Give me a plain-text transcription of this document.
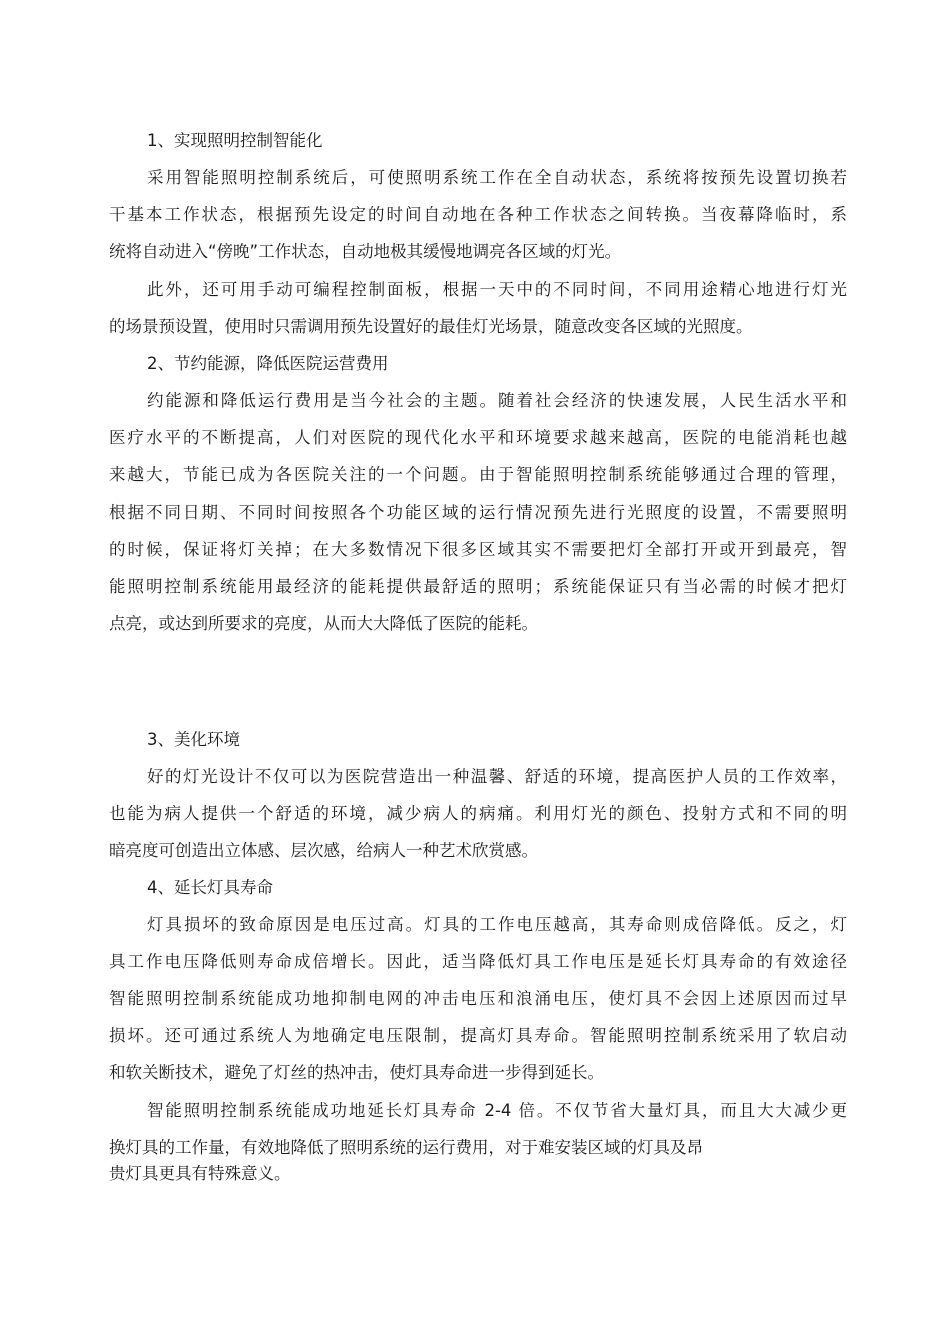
1、实现照明控制智能化
采用智能照明控制系统后，可使照明系统工作在全自动状态，系统将按预先设置切换若
干基本工作状态，根据预先设定的时间自动地在各种工作状态之间转换。当夜幕降临时，系
统将自动进入“傍晚”工作状态，自动地极其缓慢地调亮各区域的灯光。
此外，还可用手动可编程控制面板，根据一天中的不同时间，不同用途精心地进行灯光
的场景预设置，使用时只需调用预先设置好的最佳灯光场景，随意改变各区域的光照度。
2、节约能源，降低医院运营费用
约能源和降低运行费用是当今社会的主题。随着社会经济的快速发展，人民生活水平和
医疗水平的不断提高，人们对医院的现代化水平和环境要求越来越高，医院的电能消耗也越
来越大，节能已成为各医院关注的一个问题。由于智能照明控制系统能够通过合理的管理，
根据不同日期、不同时间按照各个功能区域的运行情况预先进行光照度的设置，不需要照明
的时候，保证将灯关掉；在大多数情况下很多区域其实不需要把灯全部打开或开到最亮，智
能照明控制系统能用最经济的能耗提供最舒适的照明；系统能保证只有当必需的时候才把灯
点亮，或达到所要求的亮度，从而大大降低了医院的能耗。
3、美化环境
好的灯光设计不仅可以为医院营造出一种温馨、舒适的环境，提高医护人员的工作效率，
也能为病人提供一个舒适的环境，减少病人的病痛。利用灯光的颜色、投射方式和不同的明
暗亮度可创造出立体感、层次感，给病人一种艺术欣赏感。
4、延长灯具寿命
灯具损坏的致命原因是电压过高。灯具的工作电压越高，其寿命则成倍降低。反之，灯
具工作电压降低则寿命成倍增长。因此，适当降低灯具工作电压是延长灯具寿命的有效途径
智能照明控制系统能成功地抑制电网的冲击电压和浪涌电压，使灯具不会因上述原因而过早
损坏。还可通过系统人为地确定电压限制，提高灯具寿命。智能照明控制系统采用了软启动
和软关断技术，避免了灯丝的热冲击，使灯具寿命进一步得到延长。
智能照明控制系统能成功地延长灯具寿命 2-4 倍。不仅节省大量灯具，而且大大减少更
换灯具的工作量，有效地降低了照明系统的运行费用，对于难安装区域的灯具及昂
贵灯具更具有特殊意义。
